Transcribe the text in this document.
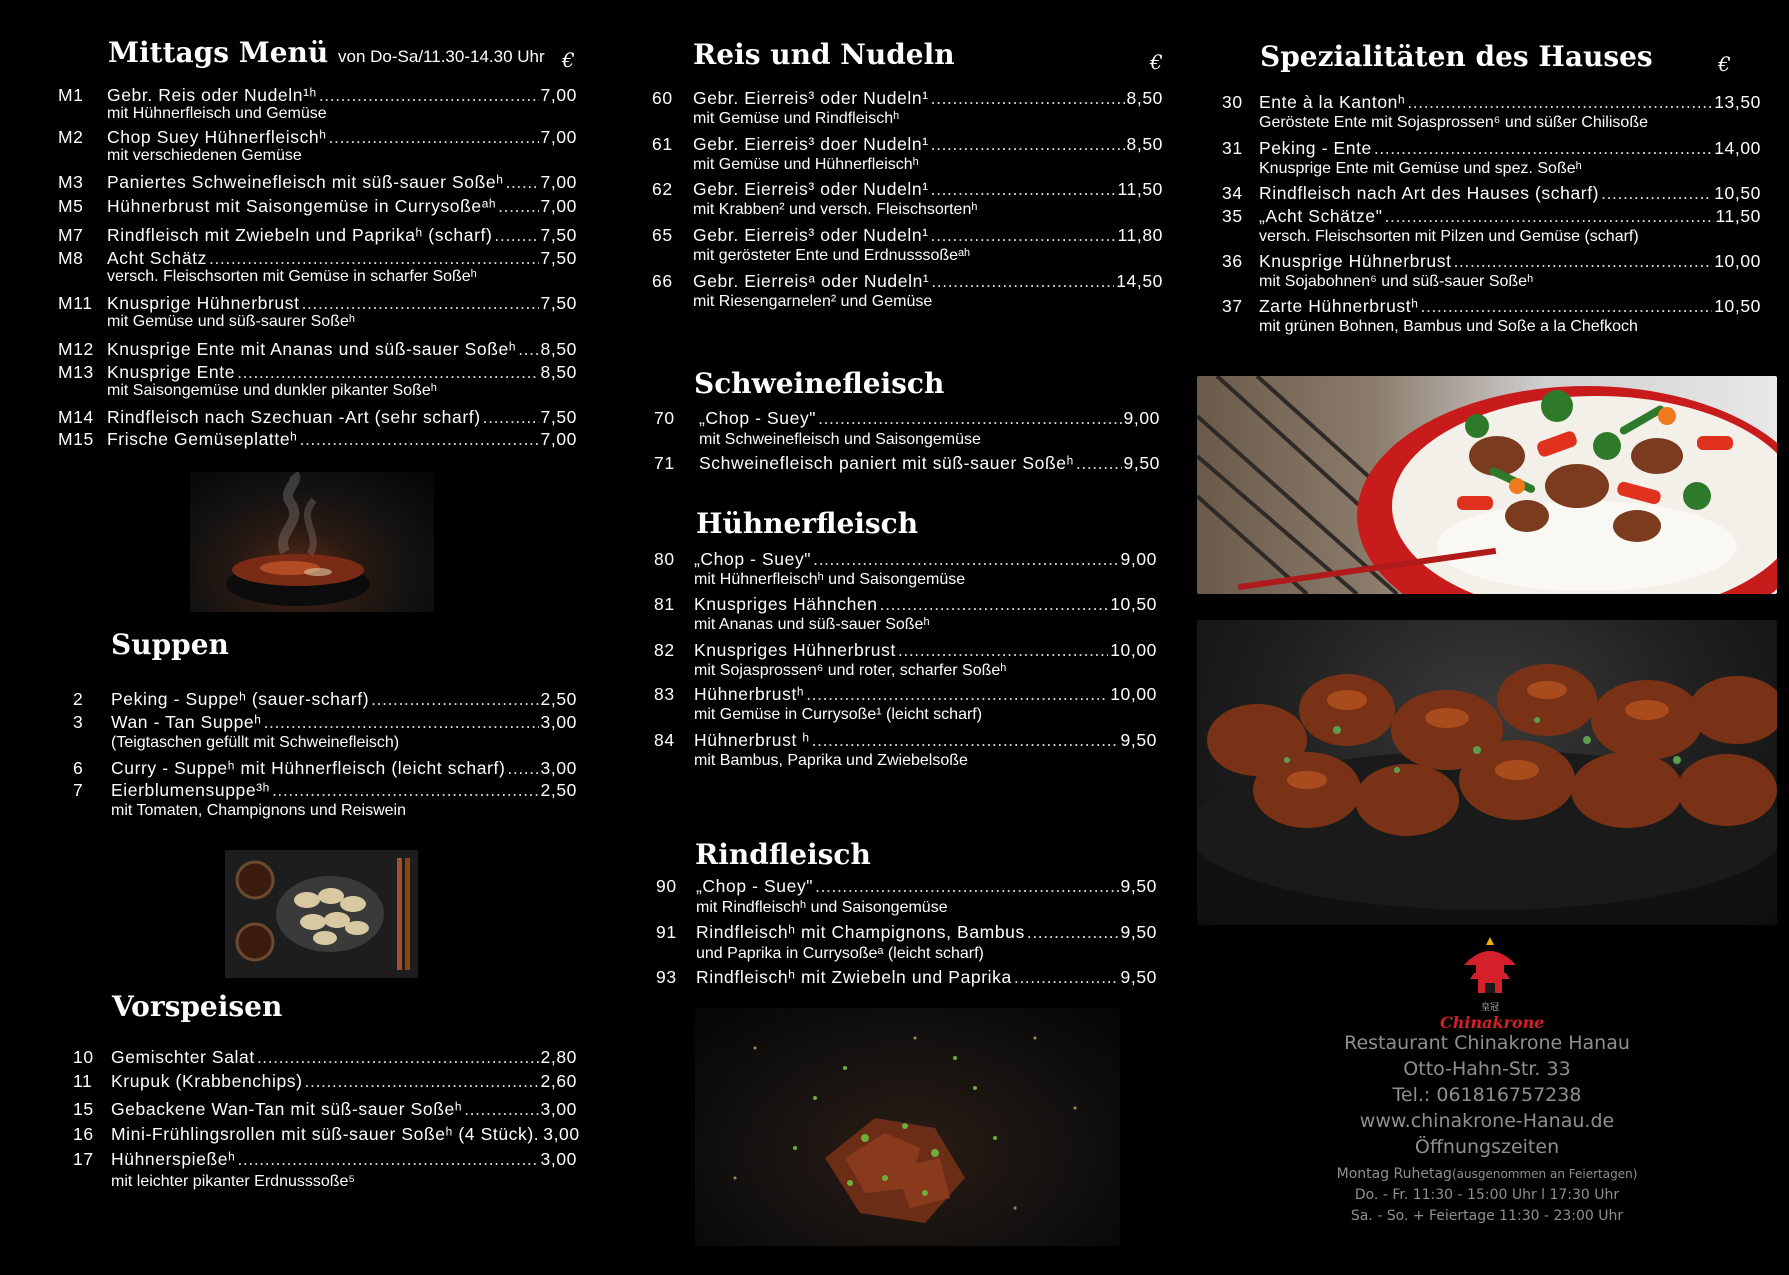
Mittags Menü von Do-Sa/11.30-14.30 Uhr €
M1	Gebr. Reis oder Nudeln¹ʰ .....	7,00
mit Hühnerfleisch und Gemüse
M2	Chop Suey Hühnerfleischʰ .....	7,00
mit verschiedenen Gemüse
M3	Paniertes Schweinefleisch mit süß-sauer Soßeʰ ..... 7,00
M5	Hühnerbrust mit Saisongemüse in Currysoßeᵃʰ .....	7,00
M7	Rindfleisch mit Zwiebeln und Paprikaʰ (scharf) .....	7,50
M8	Acht Schätz .....	7,50
versch. Fleischsorten mit Gemüse in scharfer Soßeʰ
M11 Knusprige Hühnerbrust .....	7,50
mit Gemüse und süß-saurer Soßeʰ
M12 Knusprige Ente mit Ananas und süß-sauer Soßeʰ ..... 8,50
M13 Knusprige Ente .....	8,50
mit Saisongemüse und dunkler pikanter Soßeʰ
M14 Rindfleisch nach Szechuan -Art (sehr scharf) .....	7,50
M15 Frische Gemüseplatteʰ .....	7,00
Suppen
2	Peking - Suppeʰ (sauer-scharf) .....	2,50
3	Wan - Tan Suppeʰ .....	3,00
(Teigtaschen gefüllt mit Schweinefleisch)
6	Curry - Suppeʰ mit Hühnerfleisch (leicht scharf) ..... 3,00
7	Eierblumensuppe³ʰ .....	2,50
mit Tomaten, Champignons und Reiswein
Vorspeisen
10 Gemischter Salat .....	2,80
11	Krupuk (Krabbenchips) .....	2,60
15 Gebackene Wan-Tan mit süß-sauer Soßeʰ .....	3,00
16 Mini-Frühlingsrollen mit süß-sauer Soßeʰ (4 Stück). 3,00
17 Hühnerspießeʰ .....	3,00
mit leichter pikanter Erdnusssoße⁵
Reis und Nudeln	€
60	Gebr. Eierreis³ oder Nudeln¹ .....	8,50
mit Gemüse und Rindfleischʰ
61	Gebr. Eierreis³ doer Nudeln¹ .....	8,50
mit Gemüse und Hühnerfleischʰ
62	Gebr. Eierreis³ oder Nudeln¹ .....	11,50
mit Krabben² und versch. Fleischsortenʰ
65	Gebr. Eierreis³ oder Nudeln¹ .....	11,80
mit gerösteter Ente und Erdnusssoßeᵃʰ
66	Gebr. Eierreisᵃ oder Nudeln¹ .....	14,50
mit Riesengarnelen² und Gemüse
Schweinefleisch
70	„Chop - Suey" .....	9,00
mit Schweinefleisch und Saisongemüse
71	Schweinefleisch paniert mit süß-sauer Soßeʰ .....	9,50
Hühnerfleisch
80	„Chop - Suey" .....	9,00
mit Hühnerfleischʰ und Saisongemüse
81	Knuspriges Hähnchen .....	10,50
mit Ananas und süß-sauer Soßeʰ
82	Knuspriges Hühnerbrust .....	10,00
mit Sojasprossen⁶ und roter, scharfer Soßeʰ
83	Hühnerbrustʰ .....	10,00
mit Gemüse in Currysoße¹ (leicht scharf)
84	Hühnerbrust ʰ .....	9,50
mit Bambus, Paprika und Zwiebelsoße
Rindfleisch
90	„Chop - Suey" .....	9,50
mit Rindfleischʰ und Saisongemüse
91	Rindfleischʰ mit Champignons, Bambus .....	9,50
und Paprika in Currysoßeᵃ (leicht scharf)
93	Rindfleischʰ mit Zwiebeln und Paprika .....	9,50
Spezialitäten des Hauses	€
30 Ente à la Kantonʰ .....	13,50
Geröstete Ente mit Sojasprossen⁶ und süßer Chilisoße
31 Peking - Ente .....	14,00
Knusprige Ente mit Gemüse und spez. Soßeʰ
34 Rindfleisch nach Art des Hauses (scharf) .....	10,50
35 „Acht Schätze" .....	11,50
versch. Fleischsorten mit Pilzen und Gemüse (scharf)
36 Knusprige Hühnerbrust .....	10,00
mit Sojabohnen⁶ und süß-sauer Soßeʰ
37 Zarte Hühnerbrustʰ .....	10,50
mit grünen Bohnen, Bambus und Soße a la Chefkoch
皇冠
Chinakrone
Restaurant Chinakrone Hanau
Otto-Hahn-Str. 33
Tel.: 061816757238
www.chinakrone-Hanau.de
Öffnungszeiten
Montag Ruhetag(ausgenommen an Feiertagen)
Do. - Fr. 11:30 - 15:00 Uhr l 17:30 Uhr
Sa. - So. + Feiertage 11:30 - 23:00 Uhr
